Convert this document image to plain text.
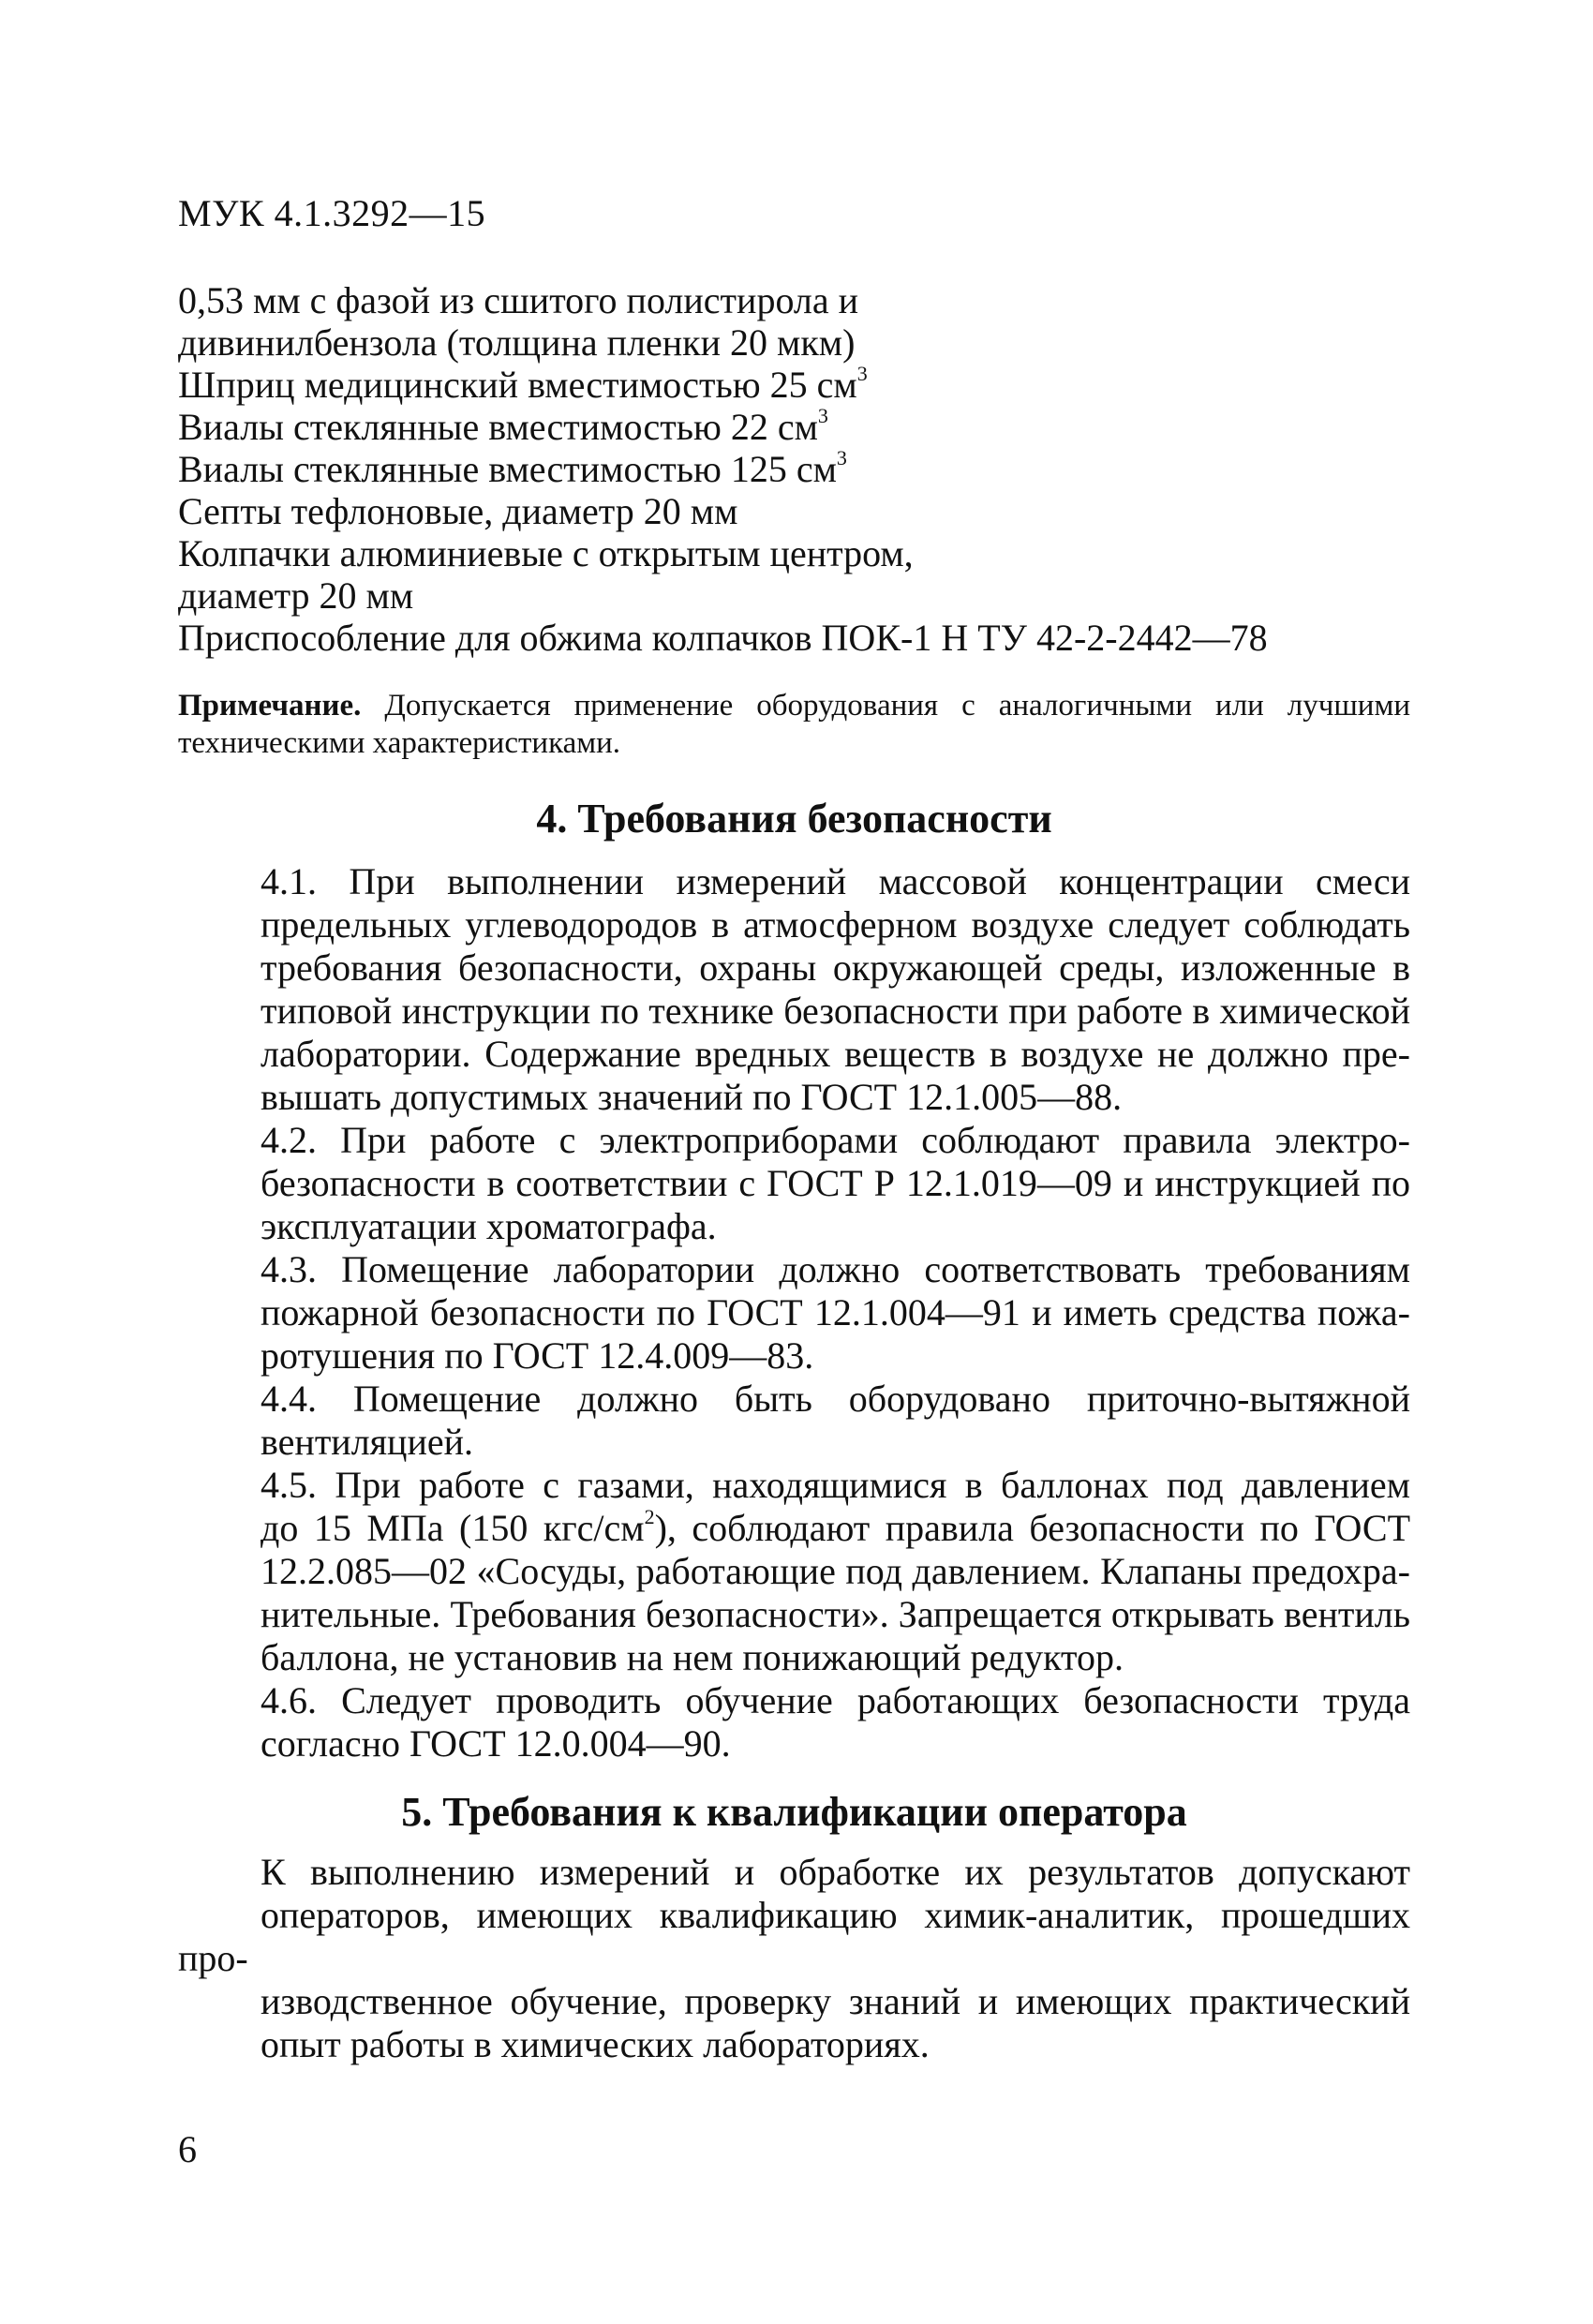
МУК 4.1.3292—15
0,53 мм с фазой из сшитого полистирола и
дивинилбензола (толщина пленки 20 мкм)
Шприц медицинский вместимостью 25 $см^3$
Виалы стеклянные вместимостью 22 $см^3$
Виалы стеклянные вместимостью 125 $см^3$
Септы тефлоновые, диаметр 20 мм
Колпачки алюминиевые с открытым центром,
диаметр 20 мм
Приспособление для обжима колпачков ПОК-1 Н ТУ 42-2-2442—78
Примечание. Допускается применение оборудования с аналогичными или лучшими техническими характеристиками.
4. Требования безопасности

4.1. При выполнении измерений массовой концентрации смеси
предельных углеводородов в атмосферном воздухе следует соблюдать
требования безопасности, охраны окружающей среды, изложенные в
типовой инструкции по технике безопасности при работе в химической
лаборатории. Содержание вредных веществ в воздухе не должно пре-
вышать допустимых значений по ГОСТ 12.1.005—88.

4.2. При работе с электроприборами соблюдают правила электро-
безопасности в соответствии с ГОСТ Р 12.1.019—09 и инструкцией по
эксплуатации хроматографа.

4.3. Помещение лаборатории должно соответствовать требованиям
пожарной безопасности по ГОСТ 12.1.004—91 и иметь средства пожа-
ротушения по ГОСТ 12.4.009—83.

4.4. Помещение должно быть оборудовано приточно-вытяжной
вентиляцией.

4.5. При работе с газами, находящимися в баллонах под давлением
до 15 МПа (150 кгс/$см^2$), соблюдают правила безопасности по ГОСТ
12.2.085—02 «Сосуды, работающие под давлением. Клапаны предохра-
нительные. Требования безопасности». Запрещается открывать вентиль
баллона, не установив на нем понижающий редуктор.

4.6. Следует проводить обучение работающих безопасности труда
согласно ГОСТ 12.0.004—90.

5. Требования к квалификации оператора

К выполнению измерений и обработке их результатов допускают
операторов, имеющих квалификацию химик-аналитик, прошедших про-
изводственное обучение, проверку знаний и имеющих практический
опыт работы в химических лабораториях.

6
